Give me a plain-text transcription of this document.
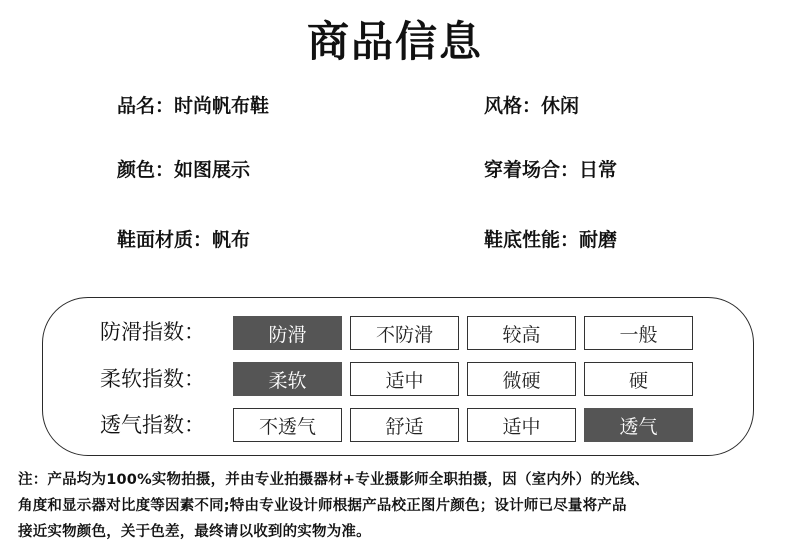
商品信息
品名：时尚帆布鞋	风格：休闲
颜色：如图展示	穿着场合：日常
鞋面材质：帆布	鞋底性能：耐磨
防滑指数：	防滑	不防滑	较高	一般
柔软指数：	柔软	适中	微硬	硬
透气指数：	不透气	舒适	适中	透气

注：产品均为100%实物拍摄，并由专业拍摄器材+专业摄影师全职拍摄，因（室内外）的光线、

角度和显示器对比度等因素不同;特由专业设计师根据产品校正图片颜色；设计师已尽量将产品

接近实物颜色，关于色差，最终请以收到的实物为准。
